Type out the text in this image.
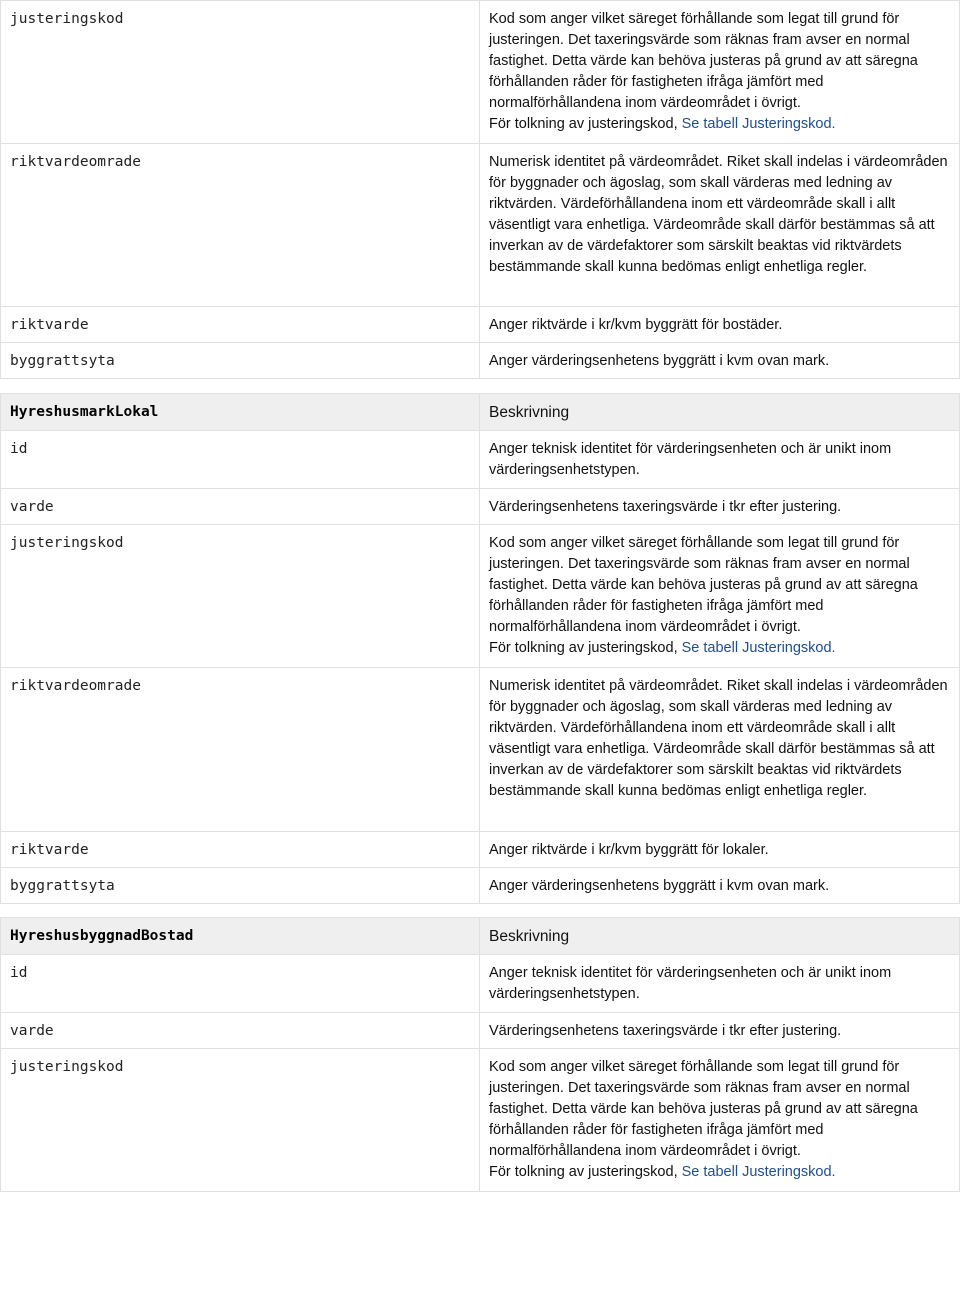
justeringskod	Kod som anger vilket säreget förhållande som legat till grund för justeringen. Det taxeringsvärde som räknas fram avser en normal fastighet. Detta värde kan behöva justeras på grund av att säregna förhållanden råder för fastigheten ifråga jämfört med normalförhållandena inom värdeområdet i övrigt.
För tolkning av justeringskod, Se tabell Justeringskod.

riktvardeomrade	Numerisk identitet på värdeområdet. Riket skall indelas i värdeområden för byggnader och ägoslag, som skall värderas med ledning av riktvärden. Värdeförhållandena inom ett värdeområde skall i allt väsentligt vara enhetliga. Värdeområde skall därför bestämmas så att inverkan av de värdefaktorer som särskilt beaktas vid riktvärdets bestämmande skall kunna bedömas enligt enhetliga regler.
riktvarde	Anger riktvärde i kr/kvm byggrätt för bostäder.
byggrattsyta	Anger värderingsenhetens byggrätt i kvm ovan mark.
HyreshusmarkLokal	Beskrivning
id	Anger teknisk identitet för värderingsenheten och är unikt inom värderingsenhetstypen.
varde	Värderingsenhetens taxeringsvärde i tkr efter justering.
justeringskod	Kod som anger vilket säreget förhållande som legat till grund för justeringen. Det taxeringsvärde som räknas fram avser en normal fastighet. Detta värde kan behöva justeras på grund av att säregna förhållanden råder för fastigheten ifråga jämfört med normalförhållandena inom värdeområdet i övrigt.
För tolkning av justeringskod, Se tabell Justeringskod.

riktvardeomrade	Numerisk identitet på värdeområdet. Riket skall indelas i värdeområden för byggnader och ägoslag, som skall värderas med ledning av riktvärden. Värdeförhållandena inom ett värdeområde skall i allt väsentligt vara enhetliga. Värdeområde skall därför bestämmas så att inverkan av de värdefaktorer som särskilt beaktas vid riktvärdets bestämmande skall kunna bedömas enligt enhetliga regler.
riktvarde	Anger riktvärde i kr/kvm byggrätt för lokaler.
byggrattsyta	Anger värderingsenhetens byggrätt i kvm ovan mark.
HyreshusbyggnadBostad	Beskrivning
id	Anger teknisk identitet för värderingsenheten och är unikt inom värderingsenhetstypen.
varde	Värderingsenhetens taxeringsvärde i tkr efter justering.
justeringskod	Kod som anger vilket säreget förhållande som legat till grund för justeringen. Det taxeringsvärde som räknas fram avser en normal fastighet. Detta värde kan behöva justeras på grund av att säregna förhållanden råder för fastigheten ifråga jämfört med normalförhållandena inom värdeområdet i övrigt.
För tolkning av justeringskod, Se tabell Justeringskod.
